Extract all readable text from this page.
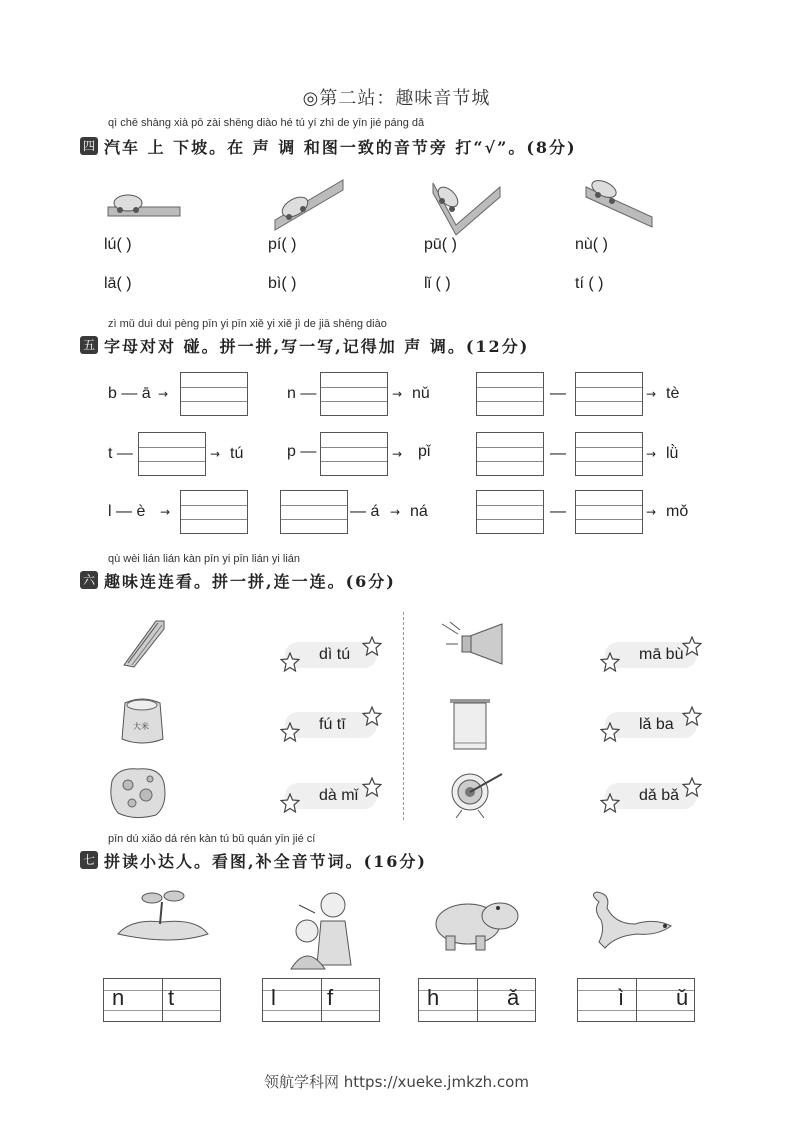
◎第二站：趣味音节城
qì chē shàng xià pō zài shēng diào hé tú yí zhì de yīn jié páng dǎ
四 汽车 上 下坡。在 声 调 和图一致的音节旁 打“√”。(8分)
lú( )	pí( )	pū( )	nù( )
lā( )	bì( )	lǐ ( )	tí ( )
zì mǔ duì duì pèng pīn yi pīn xiě yi xiě jì de jiā shēng diào
五 字母对对 碰。拼一拼,写一写,记得加 声 调。(12分)
b — ā →	n —	→ nǔ	—	→ tè
t —	→ tú	p —	→ pǐ	—	→ lǜ
l — è →	— á → ná	—	→ mǒ
qù wèi lián lián kàn pīn yi pīn lián yi lián
六 趣味连连看。拼一拼,连一连。(6分)
大米
dì tú
fú tī
dà mǐ
mā bù
lǎ ba
dǎ bǎ
pīn dú xiǎo dá rén kàn tú bǔ quán yīn jié cí
七 拼读小达人。看图,补全音节词。(16分)
n t	l f	h	ǎ	ì ǔ
领航学科网 https://xueke.jmkzh.com
